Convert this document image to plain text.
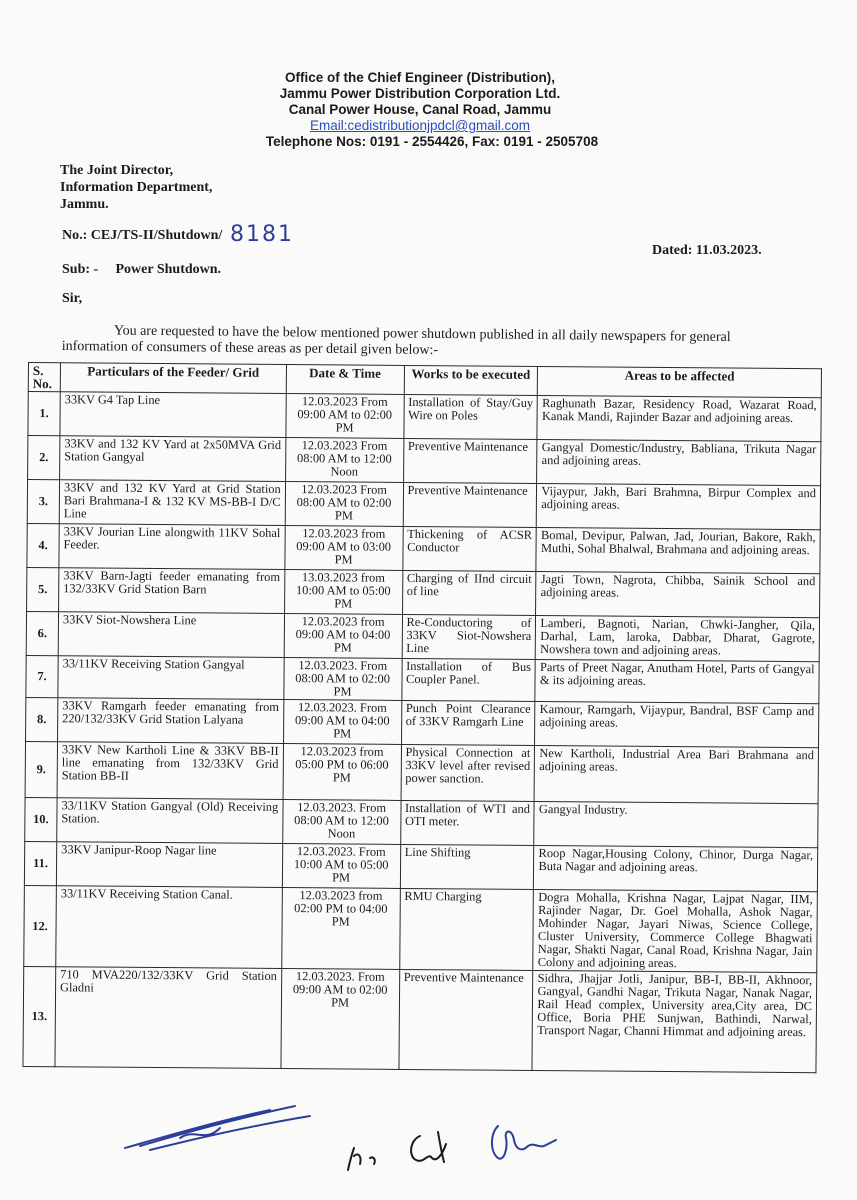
Office of the Chief Engineer (Distribution),
Jammu Power Distribution Corporation Ltd.
Canal Power House, Canal Road, Jammu
Email:cedistributionjpdcl@gmail.com
Telephone Nos: 0191 - 2554426, Fax: 0191 - 2505708
The Joint Director,
Information Department,
Jammu.
No.: CEJ/TS-II/Shutdown/ 8181
Dated: 11.03.2023.
Sub: - Power Shutdown.
Sir,
You are requested to have the below mentioned power shutdown published in all daily newspapers for general information of consumers of these areas as per detail given below:-
S. No.	Particulars of the Feeder/ Grid	Date & Time	Works to be executed	Areas to be affected
1.	33KV G4 Tap Line	12.03.2023 From 09:00 AM to 02:00 PM	Installation of Stay/Guy Wire on Poles	Raghunath Bazar, Residency Road, Wazarat Road, Kanak Mandi, Rajinder Bazar and adjoining areas.
2.	33KV and 132 KV Yard at 2x50MVA Grid Station Gangyal	12.03.2023 From 08:00 AM to 12:00 Noon	Preventive Maintenance	Gangyal Domestic/Industry, Babliana, Trikuta Nagar and adjoining areas.
3.	33KV and 132 KV Yard at Grid Station Bari Brahmana-I & 132 KV MS-BB-I D/C Line	12.03.2023 From 08:00 AM to 02:00 PM	Preventive Maintenance	Vijaypur, Jakh, Bari Brahmna, Birpur Complex and adjoining areas.
4.	33KV Jourian Line alongwith 11KV Sohal Feeder.	12.03.2023 from 09:00 AM to 03:00 PM	Thickening of ACSR Conductor	Bomal, Devipur, Palwan, Jad, Jourian, Bakore, Rakh, Muthi, Sohal Bhalwal, Brahmana and adjoining areas.
5.	33KV Barn-Jagti feeder emanating from 132/33KV Grid Station Barn	13.03.2023 from 10:00 AM to 05:00 PM	Charging of IInd circuit of line	Jagti Town, Nagrota, Chibba, Sainik School and adjoining areas.
6.	33KV Siot-Nowshera Line	12.03.2023 from 09:00 AM to 04:00 PM	Re-Conductoring of 33KV Siot-Nowshera Line	Lamberi, Bagnoti, Narian, Chwki-Jangher, Qila, Darhal, Lam, laroka, Dabbar, Dharat, Gagrote, Nowshera town and adjoining areas.
7.	33/11KV Receiving Station Gangyal	12.03.2023. From 08:00 AM to 02:00 PM	Installation of Bus Coupler Panel.	Parts of Preet Nagar, Anutham Hotel, Parts of Gangyal & its adjoining areas.
8.	33KV Ramgarh feeder emanating from 220/132/33KV Grid Station Lalyana	12.03.2023. From 09:00 AM to 04:00 PM	Punch Point Clearance of 33KV Ramgarh Line	Kamour, Ramgarh, Vijaypur, Bandral, BSF Camp and adjoining areas.
9.	33KV New Kartholi Line & 33KV BB-II line emanating from 132/33KV Grid Station BB-II	12.03.2023 from 05:00 PM to 06:00 PM	Physical Connection at 33KV level after revised power sanction.	New Kartholi, Industrial Area Bari Brahmana and adjoining areas.
10.	33/11KV Station Gangyal (Old) Receiving Station.	12.03.2023. From 08:00 AM to 12:00 Noon	Installation of WTI and OTI meter.	Gangyal Industry.
11.	33KV Janipur-Roop Nagar line	12.03.2023. From 10:00 AM to 05:00 PM	Line Shifting	Roop Nagar,Housing Colony, Chinor, Durga Nagar, Buta Nagar and adjoining areas.
12.	33/11KV Receiving Station Canal.	12.03.2023 from 02:00 PM to 04:00 PM	RMU Charging	Dogra Mohalla, Krishna Nagar, Lajpat Nagar, IIM, Rajinder Nagar, Dr. Goel Mohalla, Ashok Nagar, Mohinder Nagar, Jayari Niwas, Science College, Cluster University, Commerce College Bhagwati Nagar, Shakti Nagar, Canal Road, Krishna Nagar, Jain Colony and adjoining areas.
13.	710 MVA220/132/33KV Grid Station Gladni	12.03.2023. From 09:00 AM to 02:00 PM	Preventive Maintenance	Sidhra, Jhajjar Jotli, Janipur, BB-I, BB-II, Akhnoor, Gangyal, Gandhi Nagar, Trikuta Nagar, Nanak Nagar, Rail Head complex, University area,City area, DC Office, Boria PHE Sunjwan, Bathindi, Narwal, Transport Nagar, Channi Himmat and adjoining areas.
